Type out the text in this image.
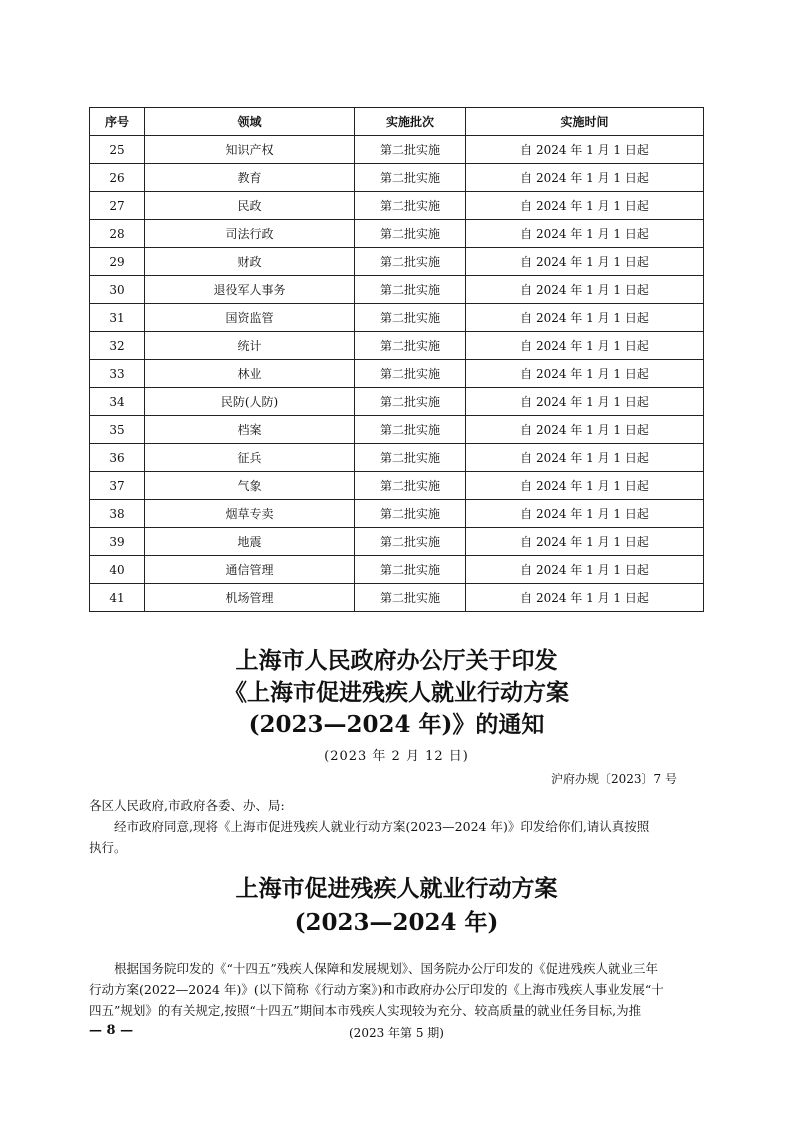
序号	领域	实施批次	实施时间
25	知识产权	第二批实施	自 2024 年 1 月 1 日起
26	教育	第二批实施	自 2024 年 1 月 1 日起
27	民政	第二批实施	自 2024 年 1 月 1 日起
28	司法行政	第二批实施	自 2024 年 1 月 1 日起
29	财政	第二批实施	自 2024 年 1 月 1 日起
30	退役军人事务	第二批实施	自 2024 年 1 月 1 日起
31	国资监管	第二批实施	自 2024 年 1 月 1 日起
32	统计	第二批实施	自 2024 年 1 月 1 日起
33	林业	第二批实施	自 2024 年 1 月 1 日起
34	民防(人防)	第二批实施	自 2024 年 1 月 1 日起
35	档案	第二批实施	自 2024 年 1 月 1 日起
36	征兵	第二批实施	自 2024 年 1 月 1 日起
37	气象	第二批实施	自 2024 年 1 月 1 日起
38	烟草专卖	第二批实施	自 2024 年 1 月 1 日起
39	地震	第二批实施	自 2024 年 1 月 1 日起
40	通信管理	第二批实施	自 2024 年 1 月 1 日起
41	机场管理	第二批实施	自 2024 年 1 月 1 日起
上海市人民政府办公厅关于印发
《上海市促进残疾人就业行动方案
(2023—2024 年)》的通知
(2023 年 2 月 12 日)
沪府办规〔2023〕7 号
各区人民政府,市政府各委、办、局:
经市政府同意,现将《上海市促进残疾人就业行动方案(2023—2024 年)》印发给你们,请认真按照
执行。
上海市促进残疾人就业行动方案
(2023—2024 年)
根据国务院印发的《“十四五”残疾人保障和发展规划》、国务院办公厅印发的《促进残疾人就业三年
行动方案(2022—2024 年)》(以下简称《行动方案》)和市政府办公厅印发的《上海市残疾人事业发展“十
四五”规划》的有关规定,按照“十四五”期间本市残疾人实现较为充分、较高质量的就业任务目标,为推
— 8 —	(2023 年第 5 期)
